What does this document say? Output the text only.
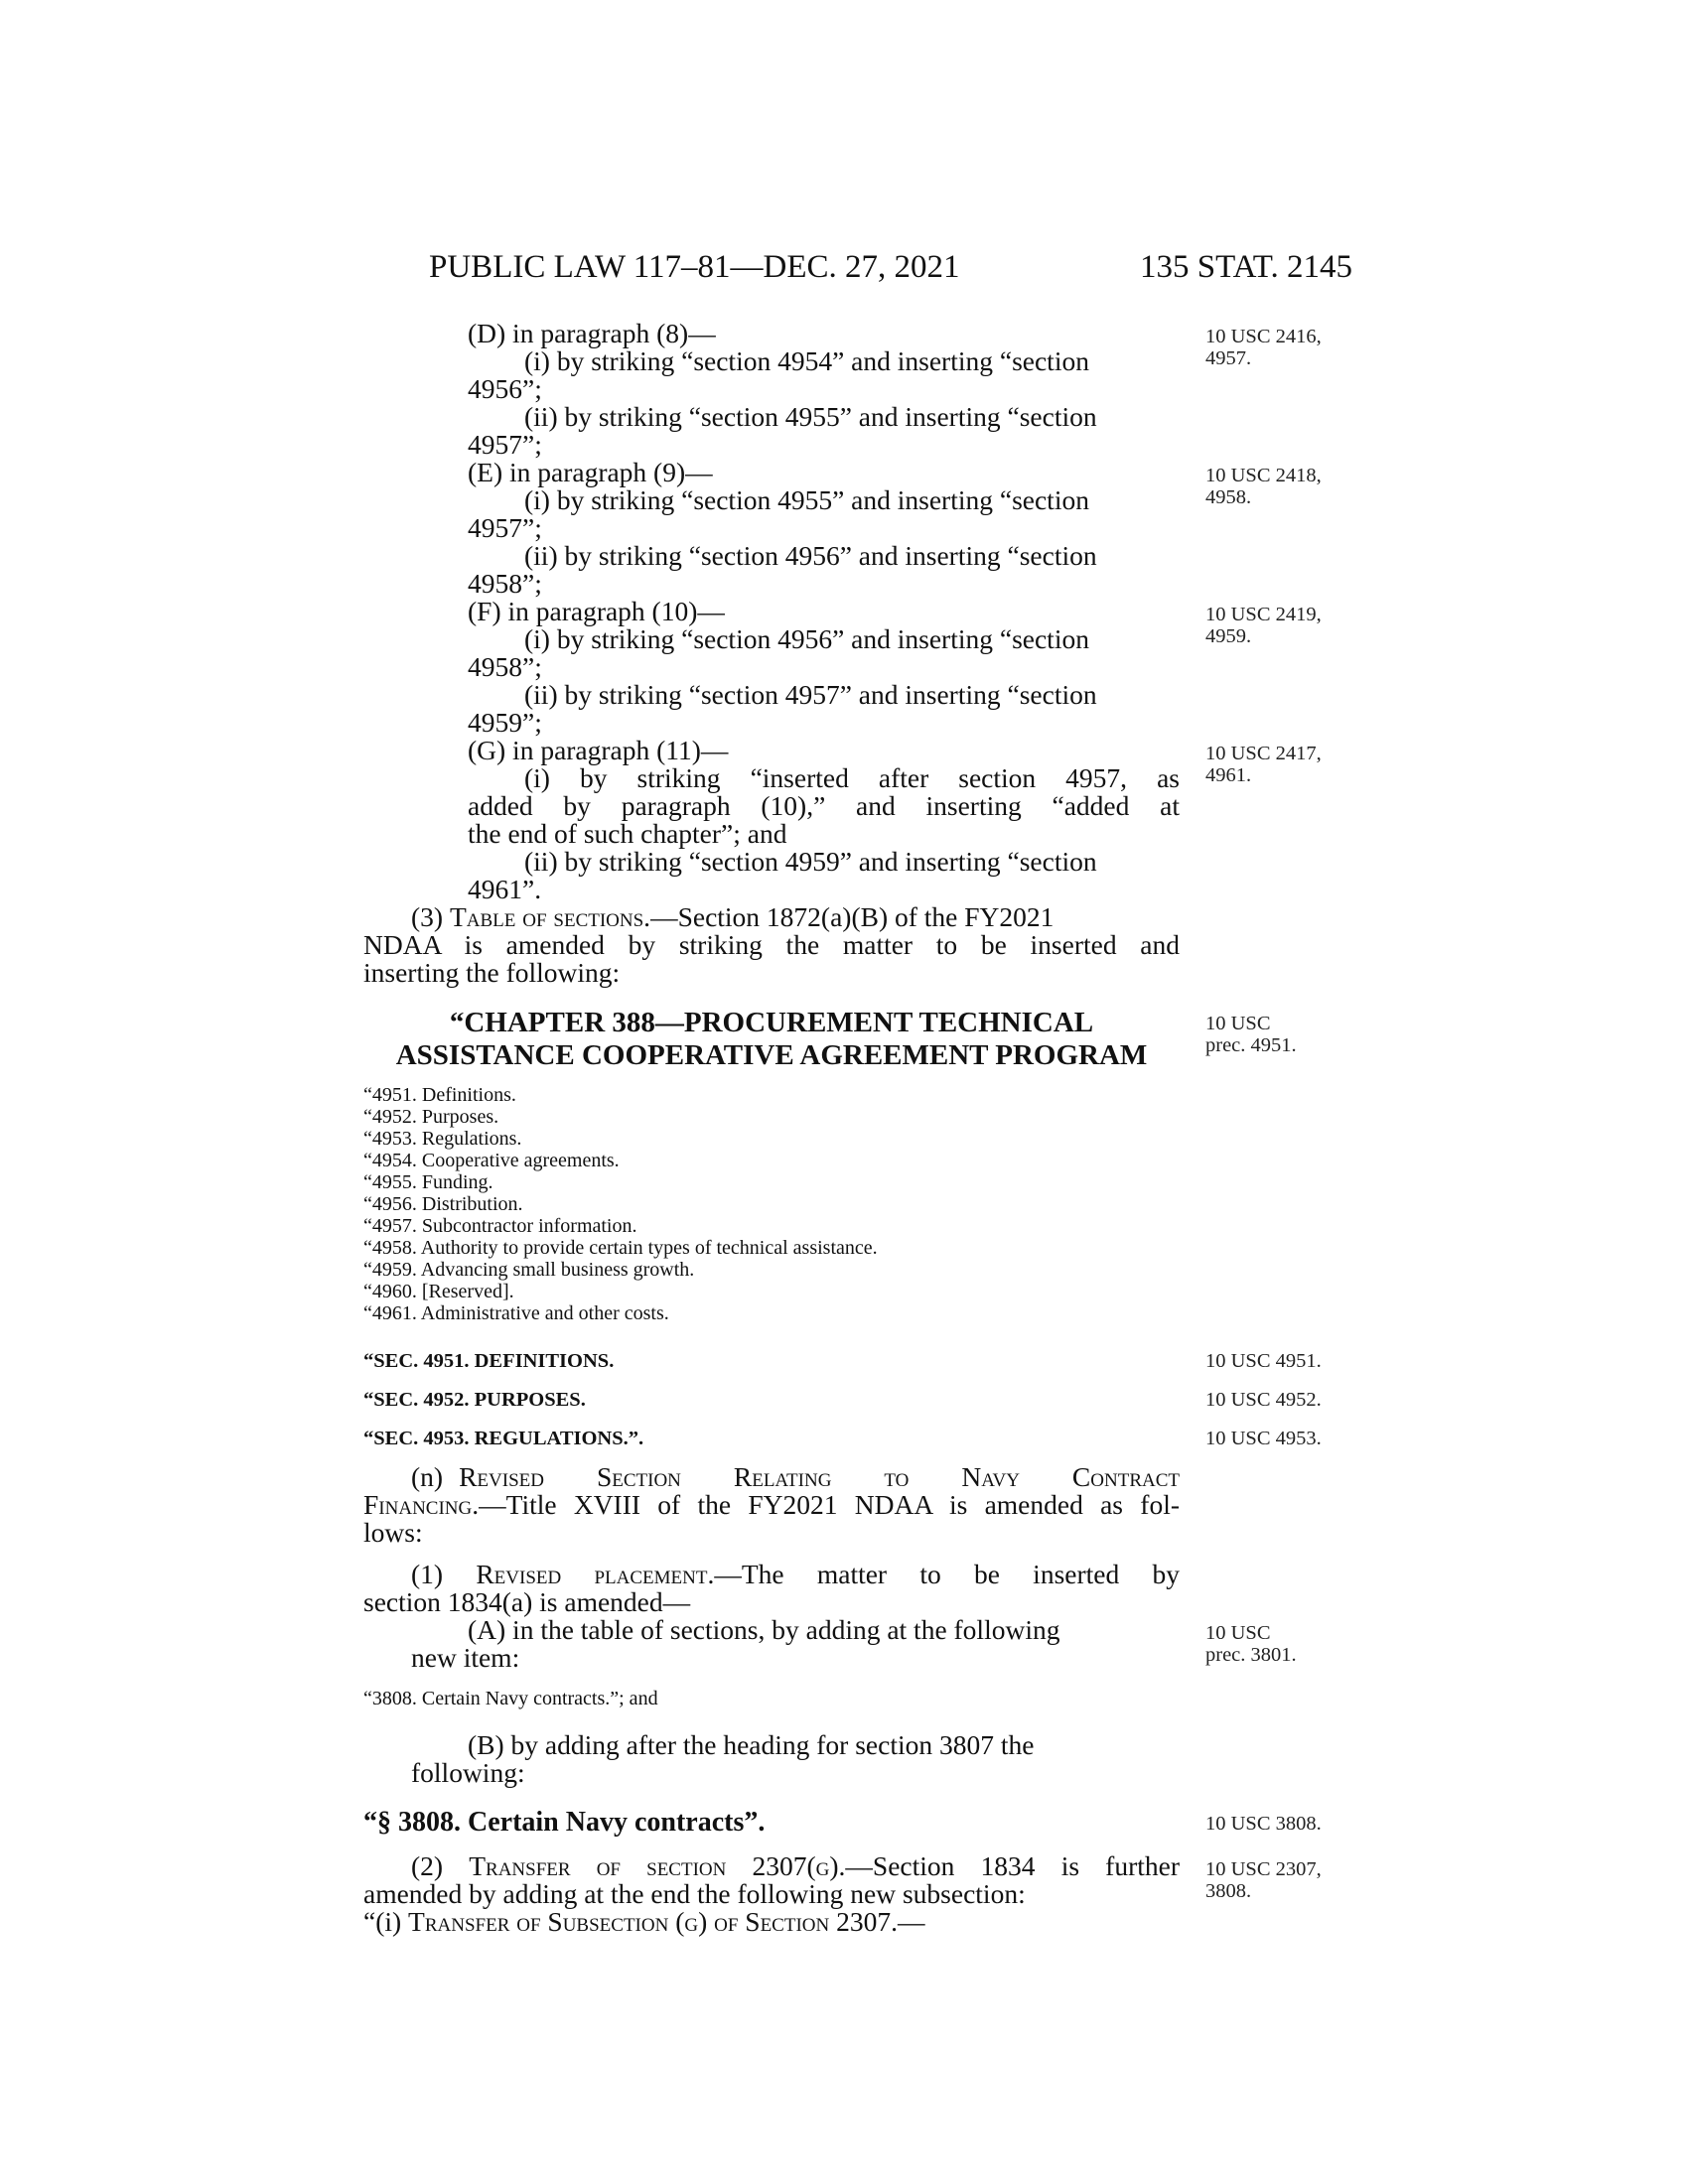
PUBLIC LAW 117–81—DEC. 27, 2021	135 STAT. 2145
(D) in paragraph (8)—
(i) by striking “section 4954” and inserting “section
4956”;
(ii) by striking “section 4955” and inserting “section
4957”;
(E) in paragraph (9)—
(i) by striking “section 4955” and inserting “section
4957”;
(ii) by striking “section 4956” and inserting “section
4958”;
(F) in paragraph (10)—
(i) by striking “section 4956” and inserting “section
4958”;
(ii) by striking “section 4957” and inserting “section
4959”;
(G) in paragraph (11)—
(i) by striking “inserted after section 4957, as
added by paragraph (10),” and inserting “added at
the end of such chapter”; and
(ii) by striking “section 4959” and inserting “section
4961”.
(3) Table of sections.—Section 1872(a)(B) of the FY2021
NDAA is amended by striking the matter to be inserted and
inserting the following:
“CHAPTER 388—PROCUREMENT TECHNICAL
ASSISTANCE COOPERATIVE AGREEMENT PROGRAM
“4951. Definitions.
“4952. Purposes.
“4953. Regulations.
“4954. Cooperative agreements.
“4955. Funding.
“4956. Distribution.
“4957. Subcontractor information.
“4958. Authority to provide certain types of technical assistance.
“4959. Advancing small business growth.
“4960. [Reserved].
“4961. Administrative and other costs.
“SEC. 4951. DEFINITIONS.
“SEC. 4952. PURPOSES.
“SEC. 4953. REGULATIONS.”.
(n) Revised Section Relating to Navy Contract
Financing.—Title XVIII of the FY2021 NDAA is amended as fol-
lows:
(1) Revised placement.—The matter to be inserted by
section 1834(a) is amended—
(A) in the table of sections, by adding at the following
new item:
“3808. Certain Navy contracts.”; and
(B) by adding after the heading for section 3807 the
following:
“§ 3808. Certain Navy contracts”.
(2) Transfer of section 2307(g).—Section 1834 is further
amended by adding at the end the following new subsection:
“(i) Transfer of Subsection (g) of Section 2307.—
10 USC 2416,
4957.
10 USC 2418,
4958.
10 USC 2419,
4959.
10 USC 2417,
4961.
10 USC
prec. 4951.
10 USC 4951.
10 USC 4952.
10 USC 4953.
10 USC
prec. 3801.
10 USC 3808.
10 USC 2307,
3808.
